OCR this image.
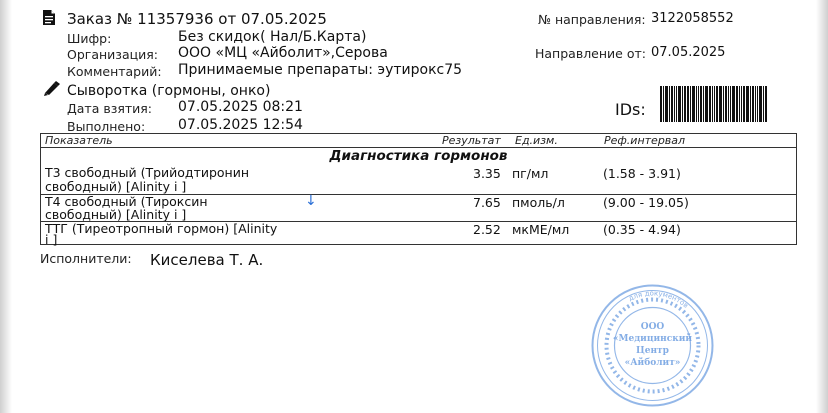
Заказ № 11357936 от 07.05.2025	№ направления: 3122058552
Шифр:	Без скидок( Нал/Б.Карта)
Организация: ООО «МЦ «Айболит»,Серова	Направление от: 07.05.2025
Комментарий: Принимаемые препараты: эутирокс75
Сыворотка (гормоны, онко)
Дата взятия: 07.05.2025 08:21
Выполнено: 07.05.2025 12:54
IDs:
Показатель	Результат Ед.изм.	Реф.интервал
Диагностика гормонов
Т3 свободный (Трийодтиронин
свободный) [Alinity i ]
3.35 пг/мл	(1.58 - 3.91)
Т4 свободный (Тироксин
свободный) [Alinity i ]
↓	7.65 пмоль/л	(9.00 - 19.05)
ТТГ (Тиреотропный гормон) [Alinity
i ]
2.52 мкМЕ/мл	(0.35 - 4.94)
Исполнители: Киселева Т. А.
для документов
ООО
«Медицинский
Центр
«Айболит»
